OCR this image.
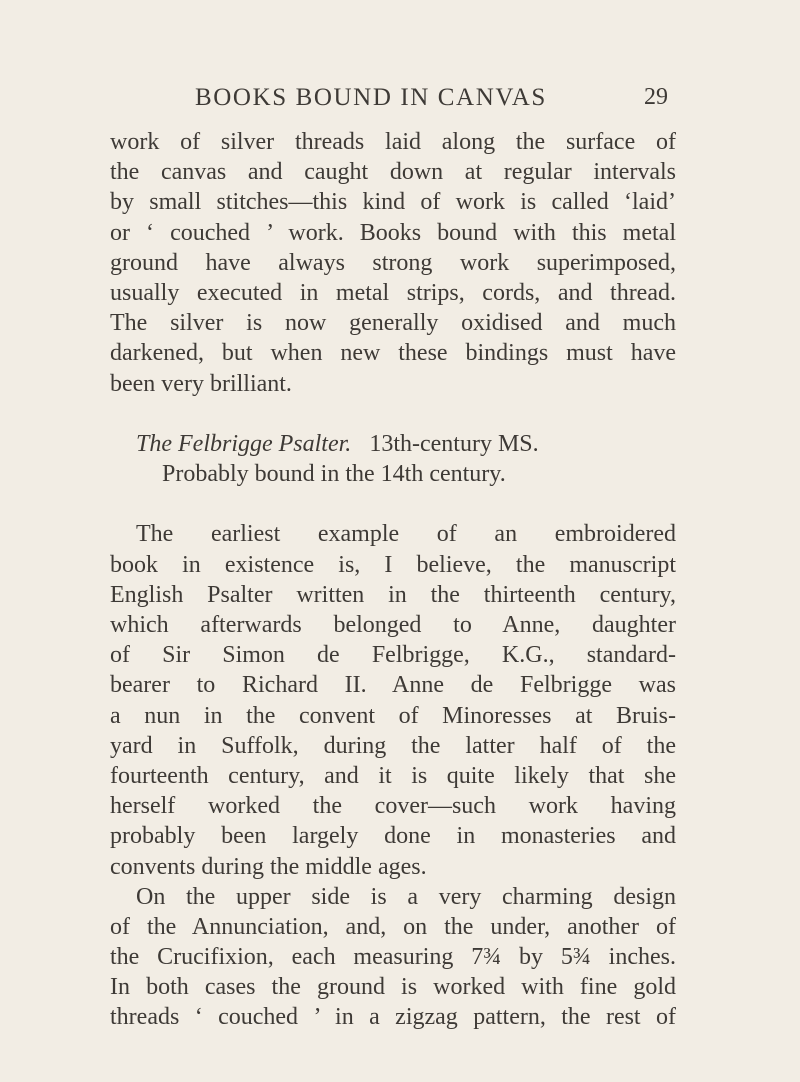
BOOKS BOUND IN CANVAS	29
work of silver threads laid along the surface of
the canvas and caught down at regular intervals
by small stitches—this kind of work is called ‘laid’
or ‘ couched ’ work. Books bound with this metal
ground have always strong work superimposed,
usually executed in metal strips, cords, and thread.
The silver is now generally oxidised and much
darkened, but when new these bindings must have
been very brilliant.
The Felbrigge Psalter. 13th-century MS.
Probably bound in the 14th century.
The earliest example of an embroidered
book in existence is, I believe, the manuscript
English Psalter written in the thirteenth century,
which afterwards belonged to Anne, daughter
of Sir Simon de Felbrigge, K.G., standard-
bearer to Richard II. Anne de Felbrigge was
a nun in the convent of Minoresses at Bruis-
yard in Suffolk, during the latter half of the
fourteenth century, and it is quite likely that she
herself worked the cover—such work having
probably been largely done in monasteries and
convents during the middle ages.
On the upper side is a very charming design
of the Annunciation, and, on the under, another of
the Crucifixion, each measuring 7¾ by 5¾ inches.
In both cases the ground is worked with fine gold
threads ‘ couched ’ in a zigzag pattern, the rest of
